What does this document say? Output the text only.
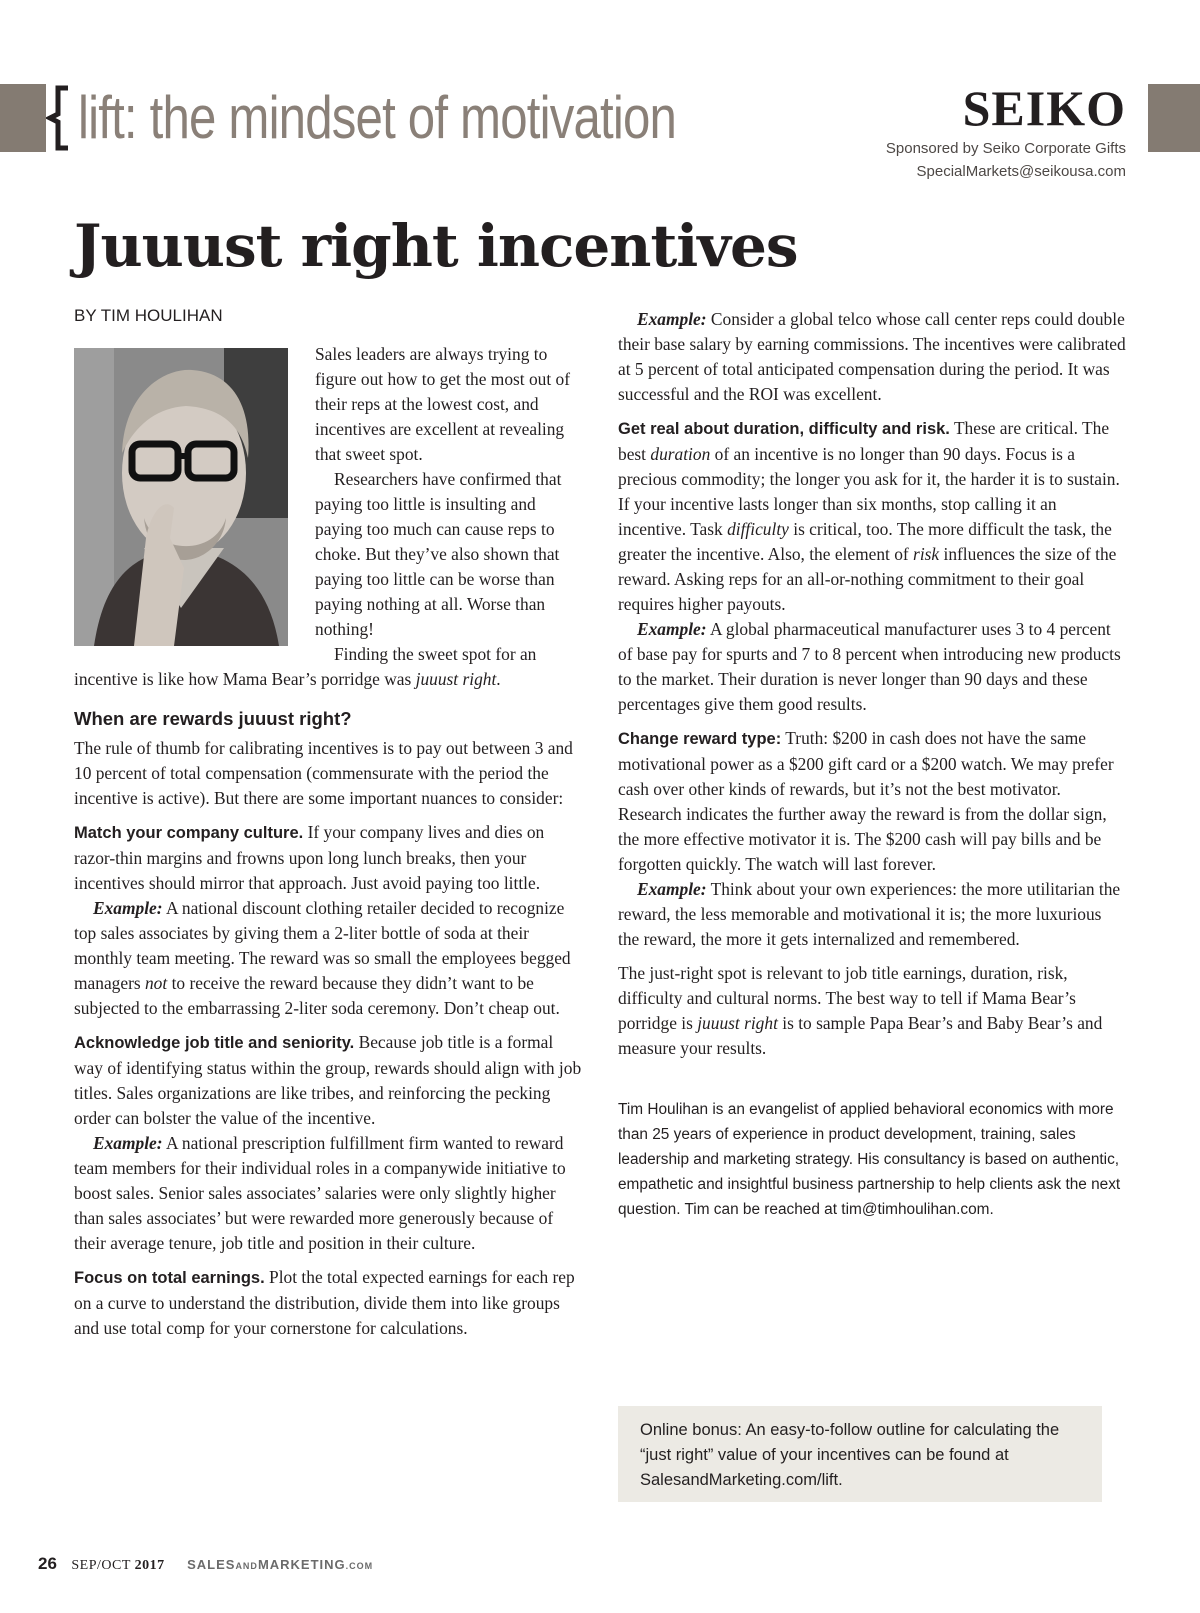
lift: the mindset of motivation	SEIKO
Sponsored by Seiko Corporate Gifts
SpecialMarkets@seikousa.com
Juuust right incentives
BY TIM HOULIHAN

Sales leaders are always trying to figure out how to get the most out of their reps at the lowest cost, and incentives are excellent at revealing that sweet spot.

Researchers have confirmed that paying too little is insulting and paying too much can cause reps to choke. But they’ve also shown that paying too little can be worse than paying nothing at all. Worse than nothing!

Finding the sweet spot for an incentive is like how Mama Bear’s porridge was juuust right.

When are rewards juuust right?

The rule of thumb for calibrating incentives is to pay out between 3 and 10 percent of total compensation (commensurate with the period the incentive is active). But there are some important nuances to consider:

Match your company culture. If your company lives and dies on razor-thin margins and frowns upon long lunch breaks, then your incentives should mirror that approach. Just avoid paying too little.

Example: A national discount clothing retailer decided to recognize top sales associates by giving them a 2-liter bottle of soda at their monthly team meeting. The reward was so small the employees begged managers not to receive the reward because they didn’t want to be subjected to the embarrassing 2-liter soda ceremony. Don’t cheap out.

Acknowledge job title and seniority. Because job title is a formal way of identifying status within the group, rewards should align with job titles. Sales organizations are like tribes, and reinforcing the pecking order can bolster the value of the incentive.

Example: A national prescription fulfillment firm wanted to reward team members for their individual roles in a companywide initiative to boost sales. Senior sales associates’ salaries were only slightly higher than sales associates’ but were rewarded more generously because of their average tenure, job title and position in their culture.

Focus on total earnings. Plot the total expected earnings for each rep on a curve to understand the distribution, divide them into like groups and use total comp for your cornerstone for calculations.

Example: Consider a global telco whose call center reps could double their base salary by earning commissions. The incentives were calibrated at 5 percent of total anticipated compensation during the period. It was successful and the ROI was excellent.

Get real about duration, difficulty and risk. These are critical. The best duration of an incentive is no longer than 90 days. Focus is a precious commodity; the longer you ask for it, the harder it is to sustain. If your incentive lasts longer than six months, stop calling it an incentive. Task difficulty is critical, too. The more difficult the task, the greater the incentive. Also, the element of risk influences the size of the reward. Asking reps for an all-or-nothing commitment to their goal requires higher payouts.

Example: A global pharmaceutical manufacturer uses 3 to 4 percent of base pay for spurts and 7 to 8 percent when introducing new products to the market. Their duration is never longer than 90 days and these percentages give them good results.

Change reward type: Truth: $200 in cash does not have the same motivational power as a $200 gift card or a $200 watch. We may prefer cash over other kinds of rewards, but it’s not the best motivator. Research indicates the further away the reward is from the dollar sign, the more effective motivator it is. The $200 cash will pay bills and be forgotten quickly. The watch will last forever.

Example: Think about your own experiences: the more utilitarian the reward, the less memorable and motivational it is; the more luxurious the reward, the more it gets internalized and remembered.

The just-right spot is relevant to job title earnings, duration, risk, difficulty and cultural norms. The best way to tell if Mama Bear’s porridge is juuust right is to sample Papa Bear’s and Baby Bear’s and measure your results.

Tim Houlihan is an evangelist of applied behavioral economics with more than 25 years of experience in product development, training, sales leadership and marketing strategy. His consultancy is based on authentic, empathetic and insightful business partnership to help clients ask the next question. Tim can be reached at tim@timhoulihan.com.

Online bonus: An easy-to-follow outline for calculating the “just right” value of your incentives can be found at SalesandMarketing.com/lift.
26 SEP/OCT 2017 SALESANDMARKETING.COM
